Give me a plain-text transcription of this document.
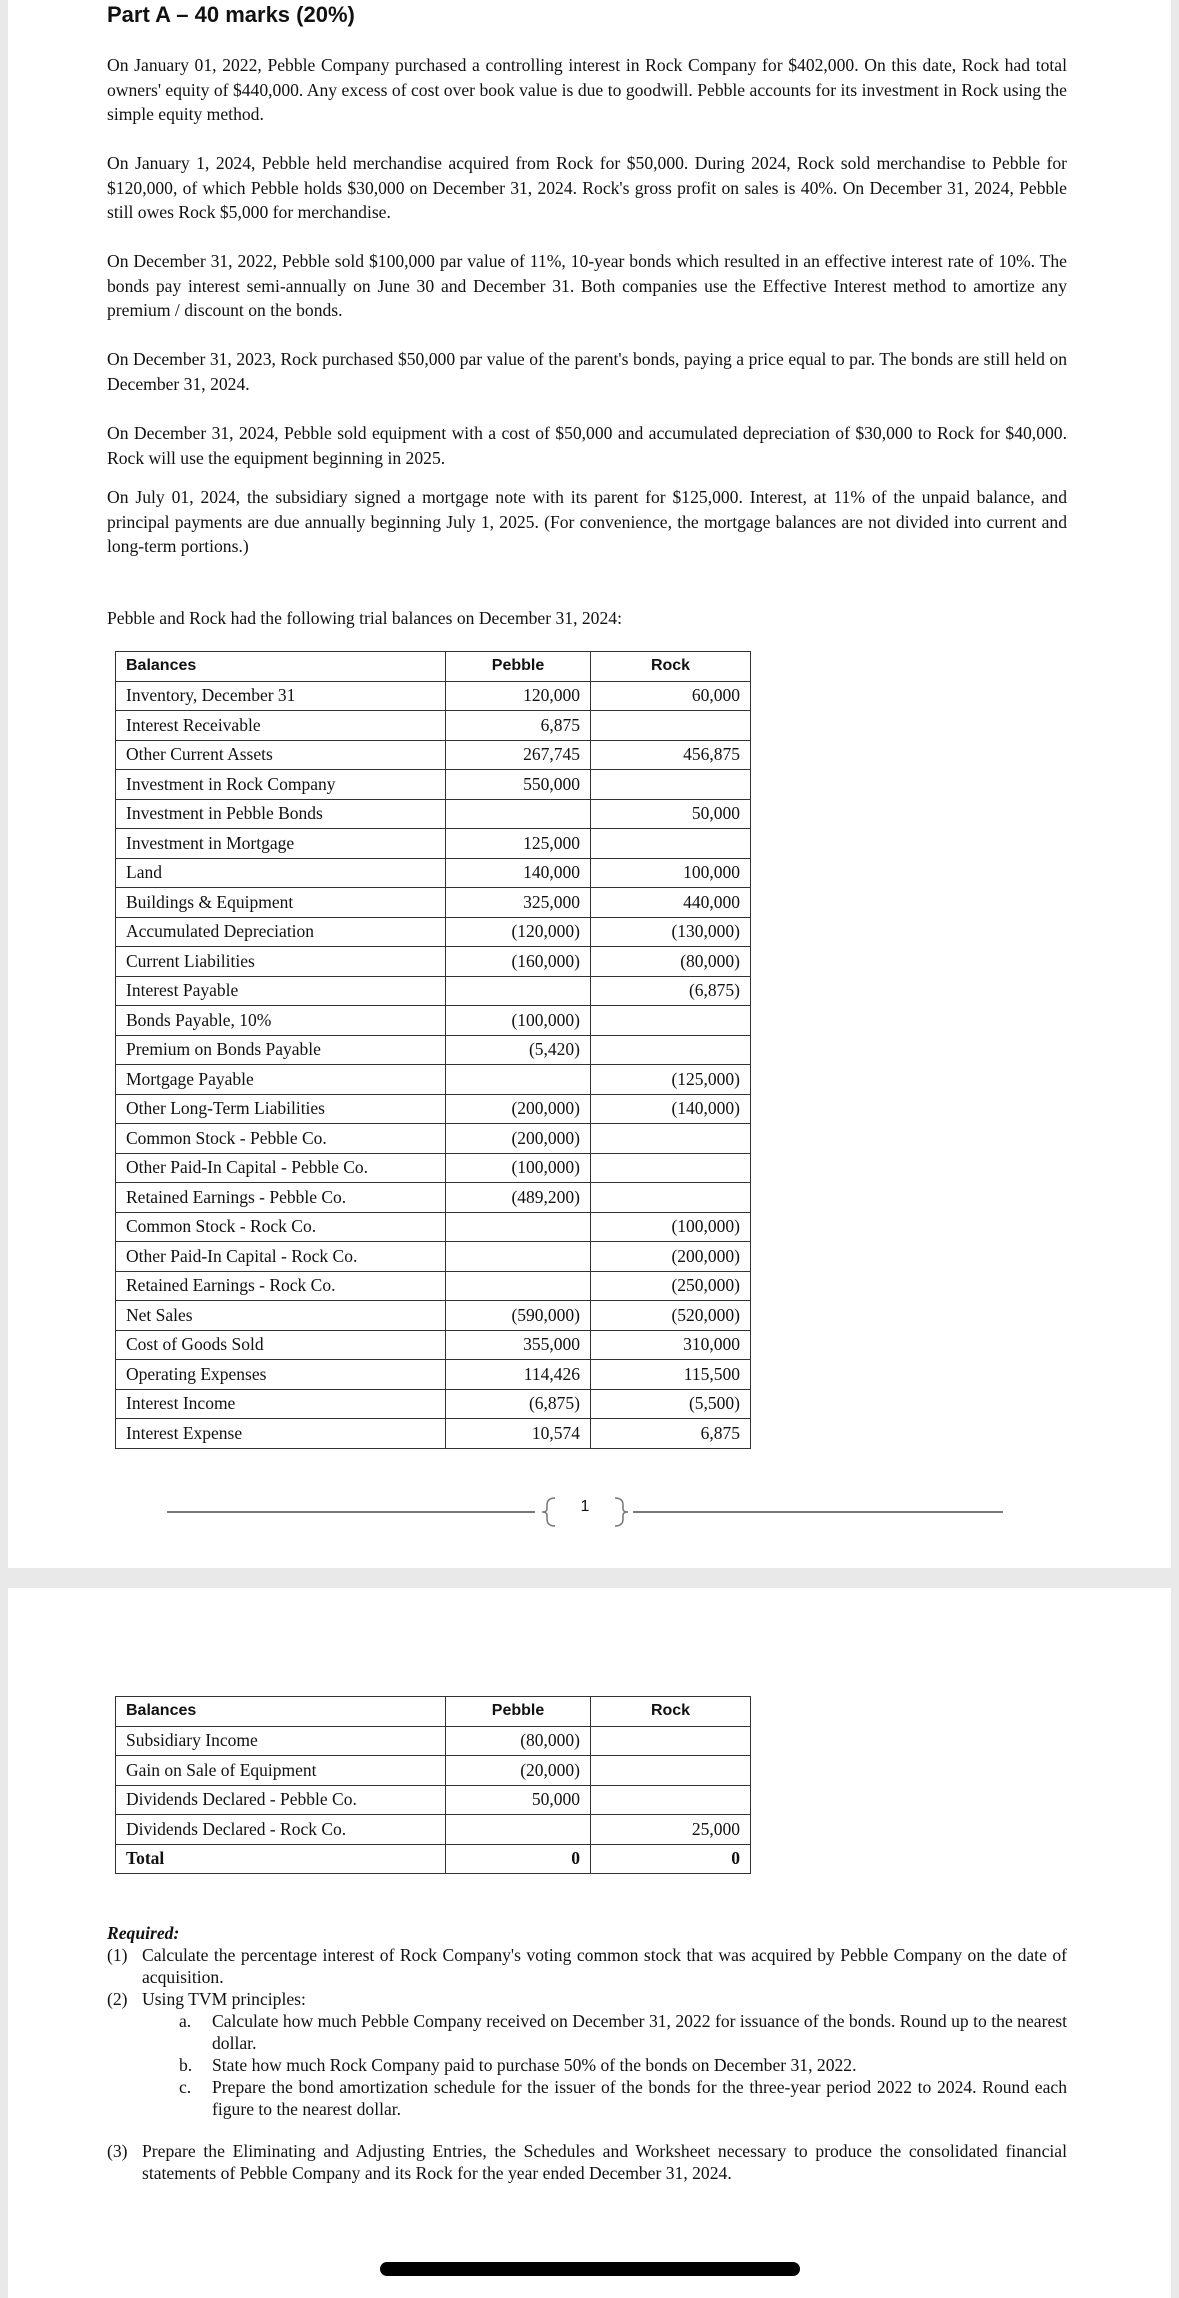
Part A – 40 marks (20%)

On January 01, 2022, Pebble Company purchased a controlling interest in Rock Company for $402,000. On this date, Rock had total owners' equity of $440,000. Any excess of cost over book value is due to goodwill. Pebble accounts for its investment in Rock using the simple equity method.

On January 1, 2024, Pebble held merchandise acquired from Rock for $50,000. During 2024, Rock sold merchandise to Pebble for $120,000, of which Pebble holds $30,000 on December 31, 2024. Rock's gross profit on sales is 40%. On December 31, 2024, Pebble still owes Rock $5,000 for merchandise.

On December 31, 2022, Pebble sold $100,000 par value of 11%, 10-year bonds which resulted in an effective interest rate of 10%. The bonds pay interest semi-annually on June 30 and December 31. Both companies use the Effective Interest method to amortize any premium / discount on the bonds.

On December 31, 2023, Rock purchased $50,000 par value of the parent's bonds, paying a price equal to par. The bonds are still held on December 31, 2024.

On December 31, 2024, Pebble sold equipment with a cost of $50,000 and accumulated depreciation of $30,000 to Rock for $40,000. Rock will use the equipment beginning in 2025.

On July 01, 2024, the subsidiary signed a mortgage note with its parent for $125,000. Interest, at 11% of the unpaid balance, and principal payments are due annually beginning July 1, 2025. (For convenience, the mortgage balances are not divided into current and long-term portions.)

Pebble and Rock had the following trial balances on December 31, 2024:

Balances	Pebble	Rock
Inventory, December 31	120,000	60,000
Interest Receivable	6,875	
Other Current Assets	267,745	456,875
Investment in Rock Company	550,000	
Investment in Pebble Bonds		50,000
Investment in Mortgage	125,000	
Land	140,000	100,000
Buildings & Equipment	325,000	440,000
Accumulated Depreciation	(120,000)	(130,000)
Current Liabilities	(160,000)	(80,000)
Interest Payable		(6,875)
Bonds Payable, 10%	(100,000)	
Premium on Bonds Payable	(5,420)	
Mortgage Payable		(125,000)
Other Long-Term Liabilities	(200,000)	(140,000)
Common Stock - Pebble Co.	(200,000)	
Other Paid-In Capital - Pebble Co.	(100,000)	
Retained Earnings - Pebble Co.	(489,200)	
Common Stock - Rock Co.		(100,000)
Other Paid-In Capital - Rock Co.		(200,000)
Retained Earnings - Rock Co.		(250,000)
Net Sales	(590,000)	(520,000)
Cost of Goods Sold	355,000	310,000
Operating Expenses	114,426	115,500
Interest Income	(6,875)	(5,500)
Interest Expense	10,574	6,875
1
Balances	Pebble	Rock
Subsidiary Income	(80,000)	
Gain on Sale of Equipment	(20,000)	
Dividends Declared - Pebble Co.	50,000	
Dividends Declared - Rock Co.		25,000
Total	0	0
Required:
(1) Calculate the percentage interest of Rock Company's voting common stock that was acquired by Pebble Company on the date of acquisition.
(2) Using TVM principles:
a.	Calculate how much Pebble Company received on December 31, 2022 for issuance of the bonds. Round up to the nearest dollar.
b.	State how much Rock Company paid to purchase 50% of the bonds on December 31, 2022.
c.	Prepare the bond amortization schedule for the issuer of the bonds for the three-year period 2022 to 2024. Round each figure to the nearest dollar.
(3) Prepare the Eliminating and Adjusting Entries, the Schedules and Worksheet necessary to produce the consolidated financial statements of Pebble Company and its Rock for the year ended December 31, 2024.
